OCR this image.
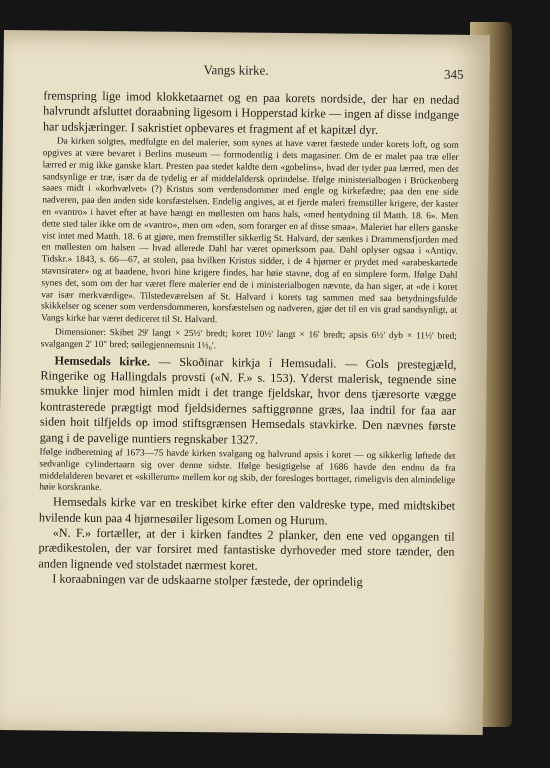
Vangs kirke.	345

fremspring lige imod klokketaarnet og en paa korets nordside, der har en nedad halvrundt afsluttet doraabning ligesom i Hopperstad kirke — ingen af disse indgange har udskjæringer. I sakristiet opbevares et fragment af et kapitæl dyr.

Da kirken solgtes, medfulgte en del malerier, som synes at have været fæstede under korets loft, og som opgives at være bevaret i Berlins museum — formodentlig i dets magasiner. Om de er malet paa træ eller lærred er mig ikke ganske klart. Presten paa stedet kaldte dem «gobelins», hvad der tyder paa lærred, men det sandsynlige er træ, især da de tydelig er af middelaldersk oprindelse. Ifølge ministerialbogen i Brückenberg saaes midt i «korhvælvet» (?) Kristus som verdensdommer med engle og kirkefædre; paa den ene side nadveren, paa den anden side korsfæstelsen. Endelig angives, at et fjerde maleri fremstiller krigere, der kaster en «vantro» i havet efter at have hængt en møllesten om hans hals, «med hentydning til Matth. 18. 6». Men dette sted taler ikke om de «vantro», men om «den, som forarger en af disse smaa». Maleriet har ellers ganske vist intet med Matth. 18. 6 at gjøre, men fremstiller sikkerlig St. Halvard, der sænkes i Drammensfjorden med en møllesten om halsen — hvad allerede Dahl har været opmerksom paa. Dahl oplyser ogsaa i «Antiqv. Tidskr.» 1843, s. 66—67, at stolen, paa hvilken Kristus sidder, i de 4 hjørner er prydet med «arabeskartede stavnsirater» og at baadene, hvori hine krigere findes, har høie stavne, dog af en simplere form. Ifølge Dahl synes det, som om der har været flere malerier end de i ministerialbogen nævnte, da han siger, at «de i koret var især merkværdige». Tilstedeværelsen af St. Halvard i korets tag sammen med saa betydningsfulde skikkelser og scener som verdensdommeren, korsfæstelsen og nadveren, gjør det til en vis grad sandsynligt, at Vangs kirke har været dediceret til St. Halvard.

Dimensioner: Skibet 29' langt × 25½' bredt; koret 10½' langt × 16' bredt; apsis 6½' dyb × 11½' bred; svalgangen 2' 10" bred; søilegjennemsnit 1⅓₀'.

Hemsedals kirke. — Skoðinar kirkja í Hemsudali. — Gols prestegjæld, Ringerike og Hallingdals provsti («N. F.» s. 153). Yderst malerisk, tegnende sine smukke linjer mod himlen midt i det trange fjeldskar, hvor dens tjæresorte vægge kontrasterede prægtigt mod fjeldsidernes saftiggrønne græs, laa indtil for faa aar siden hoit tilfjelds op imod stiftsgrænsen Hemsedals stavkirke. Den nævnes første gang i de pavelige nuntiers regnskaber 1327.

Ifølge indberetning af 1673—75 havde kirken svalgang og halvrund apsis i koret — og sikkerlig løftede det sedvanlige cylindertaarn sig over denne sidste. Ifølge besigtigelse af 1686 havde den endnu da fra middelalderen bevaret et «skillerum» mellem kor og skib, der foresloges borttaget, rimeligvis den almindelige høie korskranke.

Hemsedals kirke var en treskibet kirke efter den valdreske type, med midtskibet hvilende kun paa 4 hjørnesøiler ligesom Lomen og Hurum.

«N. F.» fortæller, at der i kirken fandtes 2 planker, den ene ved opgangen til prædikestolen, der var forsiret med fantastiske dyrhoveder med store tænder, den anden lignende ved stolstadet nærmest koret.

I koraabningen var de udskaarne stolper fæstede, der oprindelig
